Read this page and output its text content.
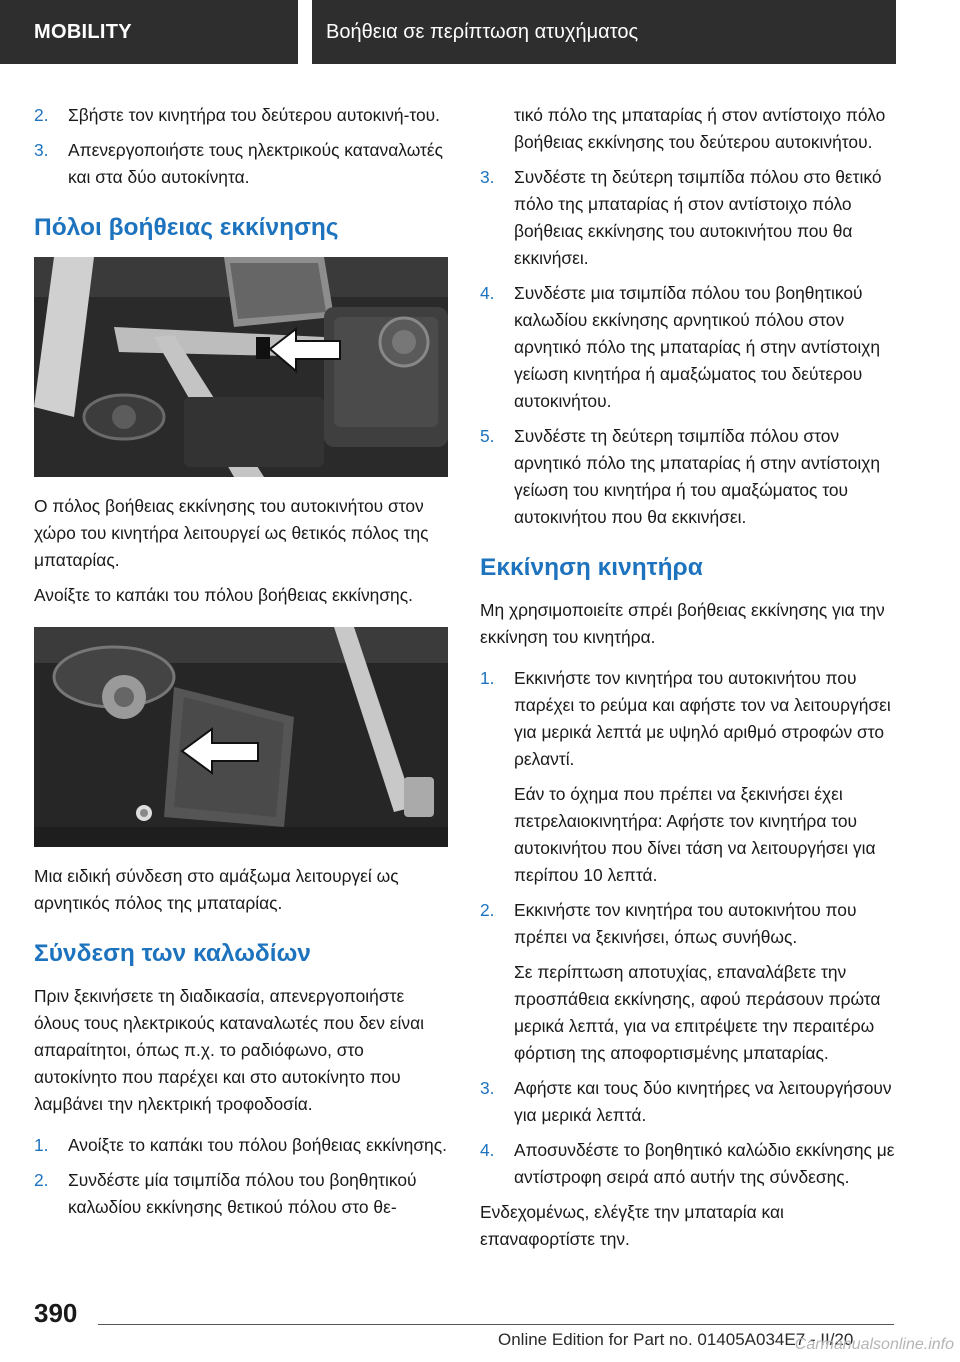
MOBILITY	Βοήθεια σε περίπτωση ατυχήματος
2.	Σβήστε τον κινητήρα του δεύτερου αυτοκινή-του.
3.	Απενεργοποιήστε τους ηλεκτρικούς καταναλωτές και στα δύο αυτοκίνητα.
Πόλοι βοήθειας εκκίνησης
Ο πόλος βοήθειας εκκίνησης του αυτοκινήτου στον χώρο του κινητήρα λειτουργεί ως θετικός πόλος της μπαταρίας.
Ανοίξτε το καπάκι του πόλου βοήθειας εκκίνησης.
Μια ειδική σύνδεση στο αμάξωμα λειτουργεί ως αρνητικός πόλος της μπαταρίας.
Σύνδεση των καλωδίων
Πριν ξεκινήσετε τη διαδικασία, απενεργοποιήστε όλους τους ηλεκτρικούς καταναλωτές που δεν είναι απαραίτητοι, όπως π.χ. το ραδιόφωνο, στο αυτοκίνητο που παρέχει και στο αυτοκίνητο που λαμβάνει την ηλεκτρική τροφοδοσία.
1.	Ανοίξτε το καπάκι του πόλου βοήθειας εκκίνησης.
2.	Συνδέστε μία τσιμπίδα πόλου του βοηθητικού καλωδίου εκκίνησης θετικού πόλου στο θε-
τικό πόλο της μπαταρίας ή στον αντίστοιχο πόλο βοήθειας εκκίνησης του δεύτερου αυτοκινήτου.
3.	Συνδέστε τη δεύτερη τσιμπίδα πόλου στο θετικό πόλο της μπαταρίας ή στον αντίστοιχο πόλο βοήθειας εκκίνησης του αυτοκινήτου που θα εκκινήσει.
4.	Συνδέστε μια τσιμπίδα πόλου του βοηθητικού καλωδίου εκκίνησης αρνητικού πόλου στον αρνητικό πόλο της μπαταρίας ή στην αντίστοιχη γείωση κινητήρα ή αμαξώματος του δεύτερου αυτοκινήτου.
5.	Συνδέστε τη δεύτερη τσιμπίδα πόλου στον αρνητικό πόλο της μπαταρίας ή στην αντίστοιχη γείωση του κινητήρα ή του αμαξώματος του αυτοκινήτου που θα εκκινήσει.
Εκκίνηση κινητήρα
Μη χρησιμοποιείτε σπρέι βοήθειας εκκίνησης για την εκκίνηση του κινητήρα.
1.	Εκκινήστε τον κινητήρα του αυτοκινήτου που παρέχει το ρεύμα και αφήστε τον να λειτουργήσει για μερικά λεπτά με υψηλό αριθμό στροφών στο ρελαντί.
Εάν το όχημα που πρέπει να ξεκινήσει έχει πετρελαιοκινητήρα: Αφήστε τον κινητήρα του αυτοκινήτου που δίνει τάση να λειτουργήσει για περίπου 10 λεπτά.
2.	Εκκινήστε τον κινητήρα του αυτοκινήτου που πρέπει να ξεκινήσει, όπως συνήθως.
Σε περίπτωση αποτυχίας, επαναλάβετε την προσπάθεια εκκίνησης, αφού περάσουν πρώτα μερικά λεπτά, για να επιτρέψετε την περαιτέρω φόρτιση της αποφορτισμένης μπαταρίας.
3.	Αφήστε και τους δύο κινητήρες να λειτουργήσουν για μερικά λεπτά.
4.	Αποσυνδέστε το βοηθητικό καλώδιο εκκίνησης με αντίστροφη σειρά από αυτήν της σύνδεσης.
Ενδεχομένως, ελέγξτε την μπαταρία και επαναφορτίστε την.
390
Online Edition for Part no. 01405A034E7 - II/20
Carmanualsonline.info
